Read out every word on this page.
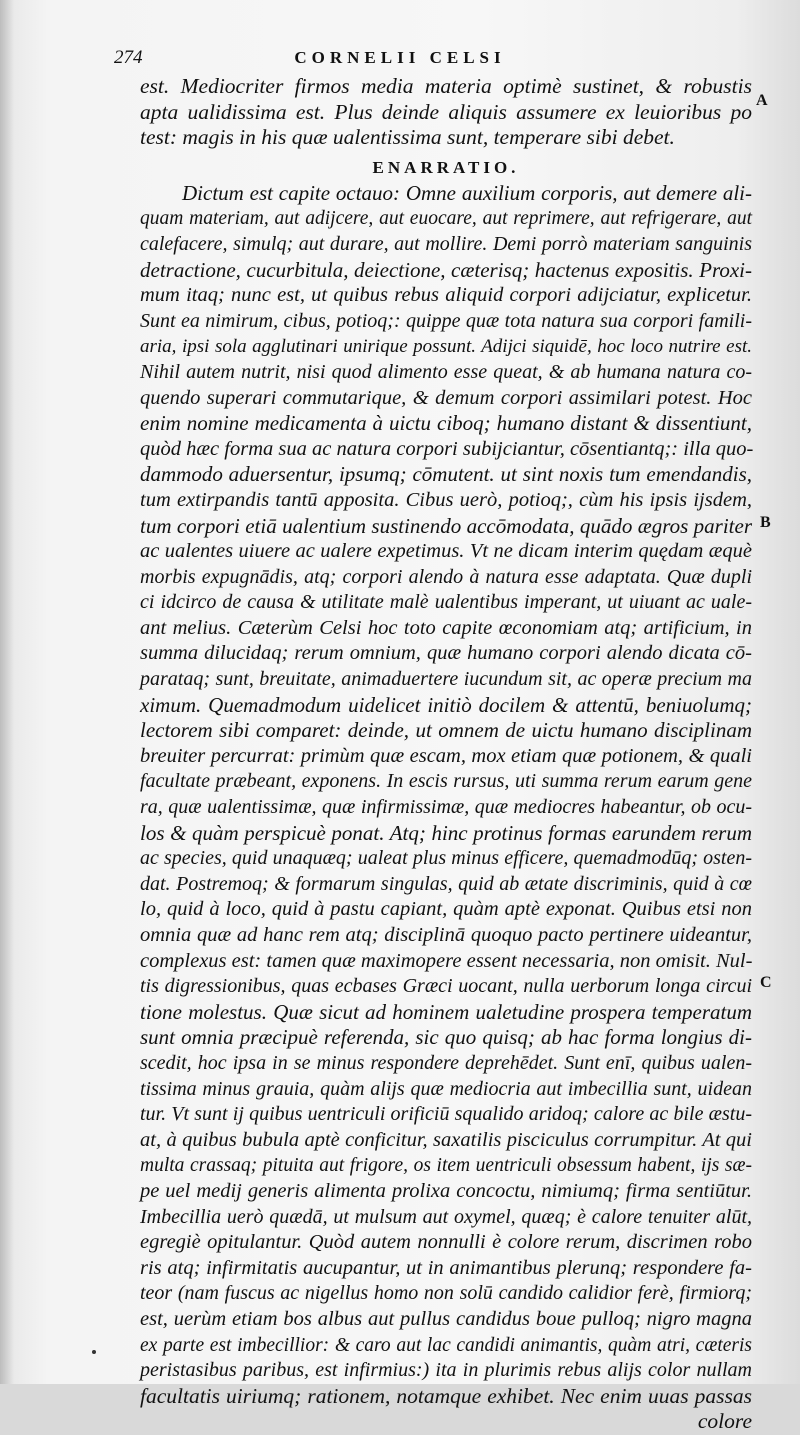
274	CORNELII CELSI
A
B
C
est. Mediocriter firmos media materia optimè sustinet, & robustis
apta ualidissima est. Plus deinde aliquis assumere ex leuioribus po
test: magis in his quæ ualentissima sunt, temperare sibi debet.
ENARRATIO.
Dictum est capite octauo: Omne auxilium corporis, aut demere ali-
quam materiam, aut adijcere, aut euocare, aut reprimere, aut refrigerare, aut
calefacere, simulq; aut durare, aut mollire. Demi porrò materiam sanguinis
detractione, cucurbitula, deiectione, cæterisq; hactenus expositis. Proxi-
mum itaq; nunc est, ut quibus rebus aliquid corpori adijciatur, explicetur.
Sunt ea nimirum, cibus, potioq;: quippe quæ tota natura sua corpori famili-
aria, ipsi sola agglutinari unirique possunt. Adijci siquidē, hoc loco nutrire est.
Nihil autem nutrit, nisi quod alimento esse queat, & ab humana natura co-
quendo superari commutarique, & demum corpori assimilari potest. Hoc
enim nomine medicamenta à uictu ciboq; humano distant & dissentiunt,
quòd hæc forma sua ac natura corpori subijciantur, cōsentiantq;: illa quo-
dammodo aduersentur, ipsumq; cōmutent. ut sint noxis tum emendandis,
tum extirpandis tantū apposita. Cibus uerò, potioq;, cùm his ipsis ijsdem,
tum corpori etiā ualentium sustinendo accōmodata, quādo ægros pariter
ac ualentes uiuere ac ualere expetimus. Vt ne dicam interim quędam æquè
morbis expugnādis, atq; corpori alendo à natura esse adaptata. Quæ dupli
ci idcirco de causa & utilitate malè ualentibus imperant, ut uiuant ac uale-
ant melius. Cæterùm Celsi hoc toto capite œconomiam atq; artificium, in
summa dilucidaq; rerum omnium, quæ humano corpori alendo dicata cō-
parataq; sunt, breuitate, animaduertere iucundum sit, ac operæ precium ma
ximum. Quemadmodum uidelicet initiò docilem & attentū, beniuolumq;
lectorem sibi comparet: deinde, ut omnem de uictu humano disciplinam
breuiter percurrat: primùm quæ escam, mox etiam quæ potionem, & quali
facultate præbeant, exponens. In escis rursus, uti summa rerum earum gene
ra, quæ ualentissimæ, quæ infirmissimæ, quæ mediocres habeantur, ob ocu-
los & quàm perspicuè ponat. Atq; hinc protinus formas earundem rerum
ac species, quid unaquæq; ualeat plus minus efficere, quemadmodūq; osten-
dat. Postremoq; & formarum singulas, quid ab ætate discriminis, quid à cœ
lo, quid à loco, quid à pastu capiant, quàm aptè exponat. Quibus etsi non
omnia quæ ad hanc rem atq; disciplinā quoquo pacto pertinere uideantur,
complexus est: tamen quæ maximopere essent necessaria, non omisit. Nul-
tis digressionibus, quas ecbases Græci uocant, nulla uerborum longa circui
tione molestus. Quæ sicut ad hominem ualetudine prospera temperatum
sunt omnia præcipuè referenda, sic quo quisq; ab hac forma longius di-
scedit, hoc ipsa in se minus respondere deprehēdet. Sunt enī, quibus ualen-
tissima minus grauia, quàm alijs quæ mediocria aut imbecillia sunt, uidean
tur. Vt sunt ij quibus uentriculi orificiū squalido aridoq; calore ac bile æstu-
at, à quibus bubula aptè conficitur, saxatilis pisciculus corrumpitur. At qui
multa crassaq; pituita aut frigore, os item uentriculi obsessum habent, ijs sæ-
pe uel medij generis alimenta prolixa concoctu, nimiumq; firma sentiūtur.
Imbecillia uerò quædā, ut mulsum aut oxymel, quæq; è calore tenuiter alūt,
egregiè opitulantur. Quòd autem nonnulli è colore rerum, discrimen robo
ris atq; infirmitatis aucupantur, ut in animantibus plerunq; respondere fa-
teor (nam fuscus ac nigellus homo non solū candido calidior ferè, firmiorq;
est, uerùm etiam bos albus aut pullus candidus boue pulloq; nigro magna
ex parte est imbecillior: & caro aut lac candidi animantis, quàm atri, cæteris
peristasibus paribus, est infirmius:) ita in plurimis rebus alijs color nullam
facultatis uiriumq; rationem, notamque exhibet. Nec enim uuas passas
colore
